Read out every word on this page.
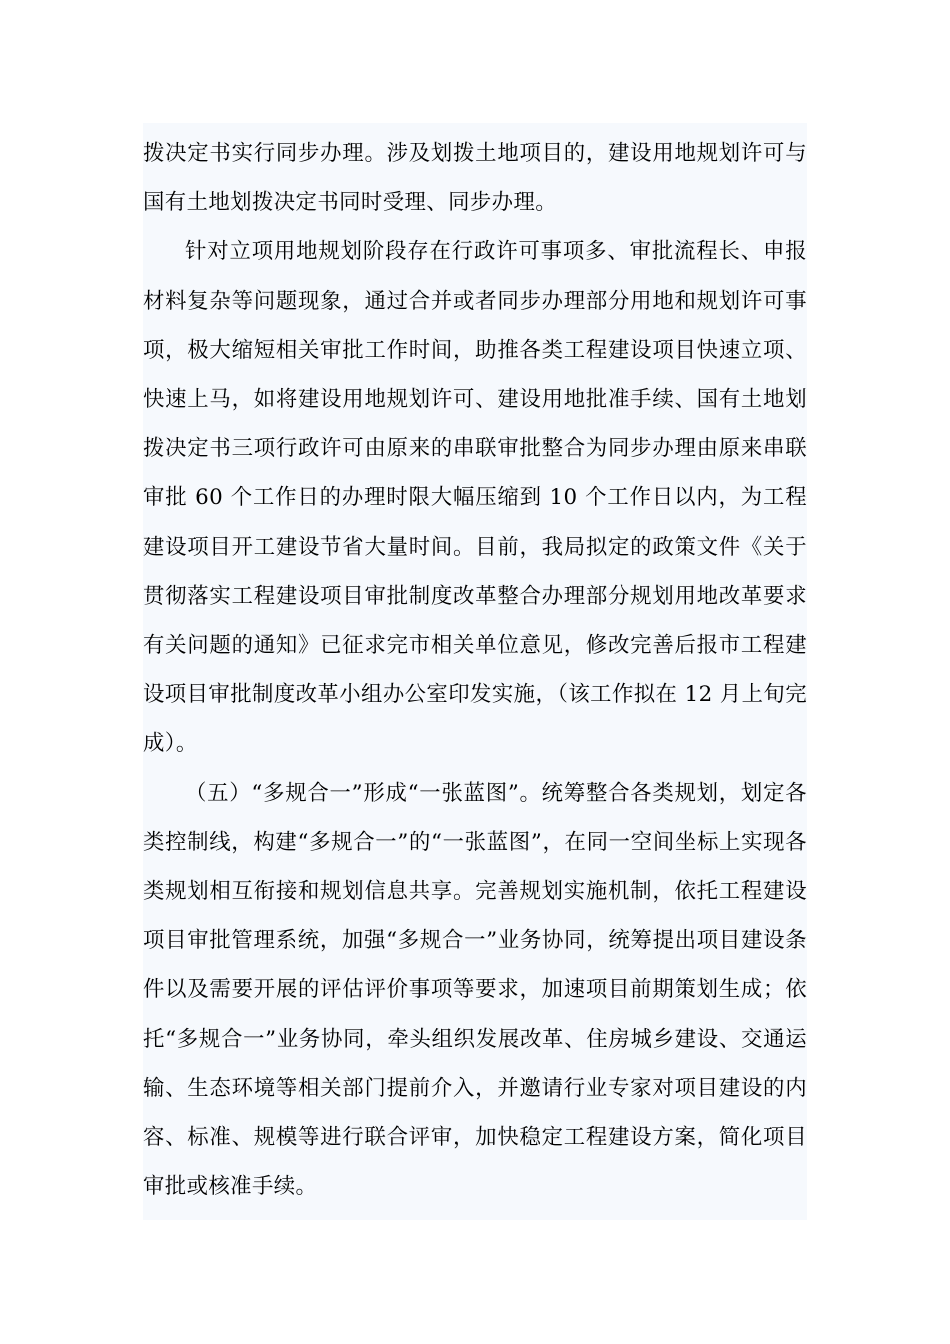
拨决定书实行同步办理。涉及划拨土地项目的，建设用地规划许可与国有土地划拨决定书同时受理、同步办理。

针对立项用地规划阶段存在行政许可事项多、审批流程长、申报材料复杂等问题现象，通过合并或者同步办理部分用地和规划许可事项，极大缩短相关审批工作时间，助推各类工程建设项目快速立项、快速上马，如将建设用地规划许可、建设用地批准手续、国有土地划拨决定书三项行政许可由原来的串联审批整合为同步办理由原来串联审批 60 个工作日的办理时限大幅压缩到 10 个工作日以内，为工程建设项目开工建设节省大量时间。目前，我局拟定的政策文件《关于贯彻落实工程建设项目审批制度改革整合办理部分规划用地改革要求有关问题的通知》已征求完市相关单位意见，修改完善后报市工程建设项目审批制度改革小组办公室印发实施，（该工作拟在 12 月上旬完成）。

（五）“多规合一”形成“一张蓝图”。统筹整合各类规划，划定各类控制线，构建“多规合一”的“一张蓝图”，在同一空间坐标上实现各类规划相互衔接和规划信息共享。完善规划实施机制，依托工程建设项目审批管理系统，加强“多规合一”业务协同，统筹提出项目建设条件以及需要开展的评估评价事项等要求，加速项目前期策划生成；依托“多规合一”业务协同，牵头组织发展改革、住房城乡建设、交通运输、生态环境等相关部门提前介入，并邀请行业专家对项目建设的内容、标准、规模等进行联合评审，加快稳定工程建设方案，简化项目审批或核准手续。
